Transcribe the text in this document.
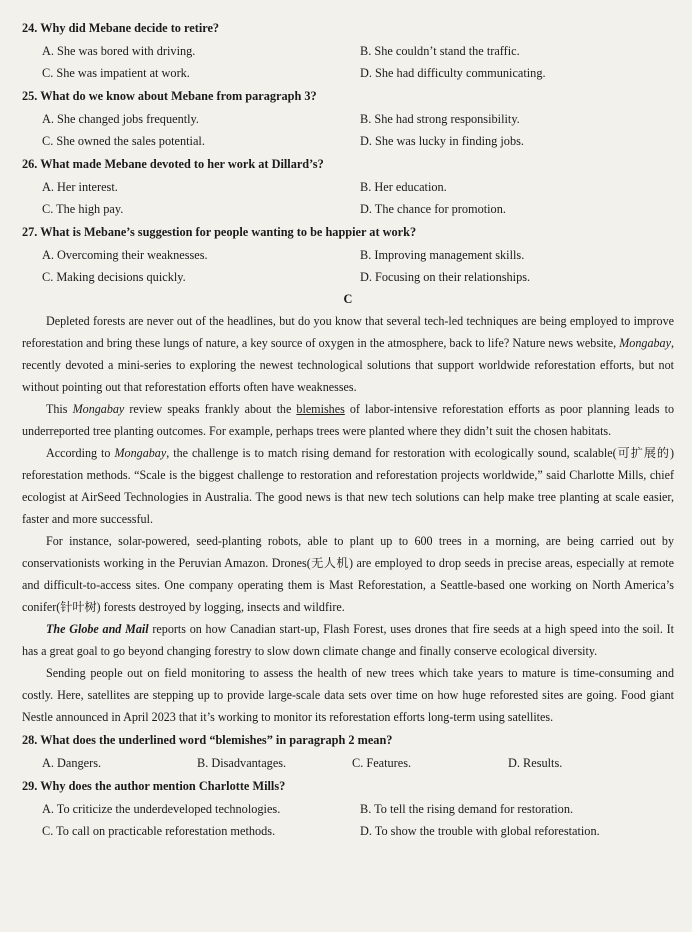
24. Why did Mebane decide to retire?

A. She was bored with driving.	B. She couldn’t stand the traffic.
C. She was impatient at work.	D. She had difficulty communicating.

25. What do we know about Mebane from paragraph 3?

A. She changed jobs frequently.	B. She had strong responsibility.
C. She owned the sales potential.	D. She was lucky in finding jobs.

26. What made Mebane devoted to her work at Dillard’s?

A. Her interest.	B. Her education.
C. The high pay.	D. The chance for promotion.

27. What is Mebane’s suggestion for people wanting to be happier at work?

A. Overcoming their weaknesses.	B. Improving management skills.
C. Making decisions quickly.	D. Focusing on their relationships.

C

Depleted forests are never out of the headlines, but do you know that several tech-led techniques are being employed to improve reforestation and bring these lungs of nature, a key source of oxygen in the atmosphere, back to life? Nature news website, Mongabay, recently devoted a mini-series to exploring the newest technological solutions that support worldwide reforestation efforts, but not without pointing out that reforestation efforts often have weaknesses.

This Mongabay review speaks frankly about the blemishes of labor-intensive reforestation efforts as poor planning leads to underreported tree planting outcomes. For example, perhaps trees were planted where they didn’t suit the chosen habitats.

According to Mongabay, the challenge is to match rising demand for restoration with ecologically sound, scalable(可扩展的) reforestation methods. “Scale is the biggest challenge to restoration and reforestation projects worldwide,” said Charlotte Mills, chief ecologist at AirSeed Technologies in Australia. The good news is that new tech solutions can help make tree planting at scale easier, faster and more successful.

For instance, solar-powered, seed-planting robots, able to plant up to 600 trees in a morning, are being carried out by conservationists working in the Peruvian Amazon. Drones(无人机) are employed to drop seeds in precise areas, especially at remote and difficult-to-access sites. One company operating them is Mast Reforestation, a Seattle-based one working on North America’s conifer(针叶树) forests destroyed by logging, insects and wildfire.

The Globe and Mail reports on how Canadian start-up, Flash Forest, uses drones that fire seeds at a high speed into the soil. It has a great goal to go beyond changing forestry to slow down climate change and finally conserve ecological diversity.

Sending people out on field monitoring to assess the health of new trees which take years to mature is time-consuming and costly. Here, satellites are stepping up to provide large-scale data sets over time on how huge reforested sites are going. Food giant Nestle announced in April 2023 that it’s working to monitor its reforestation efforts long-term using satellites.

28. What does the underlined word “blemishes” in paragraph 2 mean?

A. Dangers.	B. Disadvantages.	C. Features.	D. Results.

29. Why does the author mention Charlotte Mills?

A. To criticize the underdeveloped technologies.	B. To tell the rising demand for restoration.
C. To call on practicable reforestation methods.	D. To show the trouble with global reforestation.
